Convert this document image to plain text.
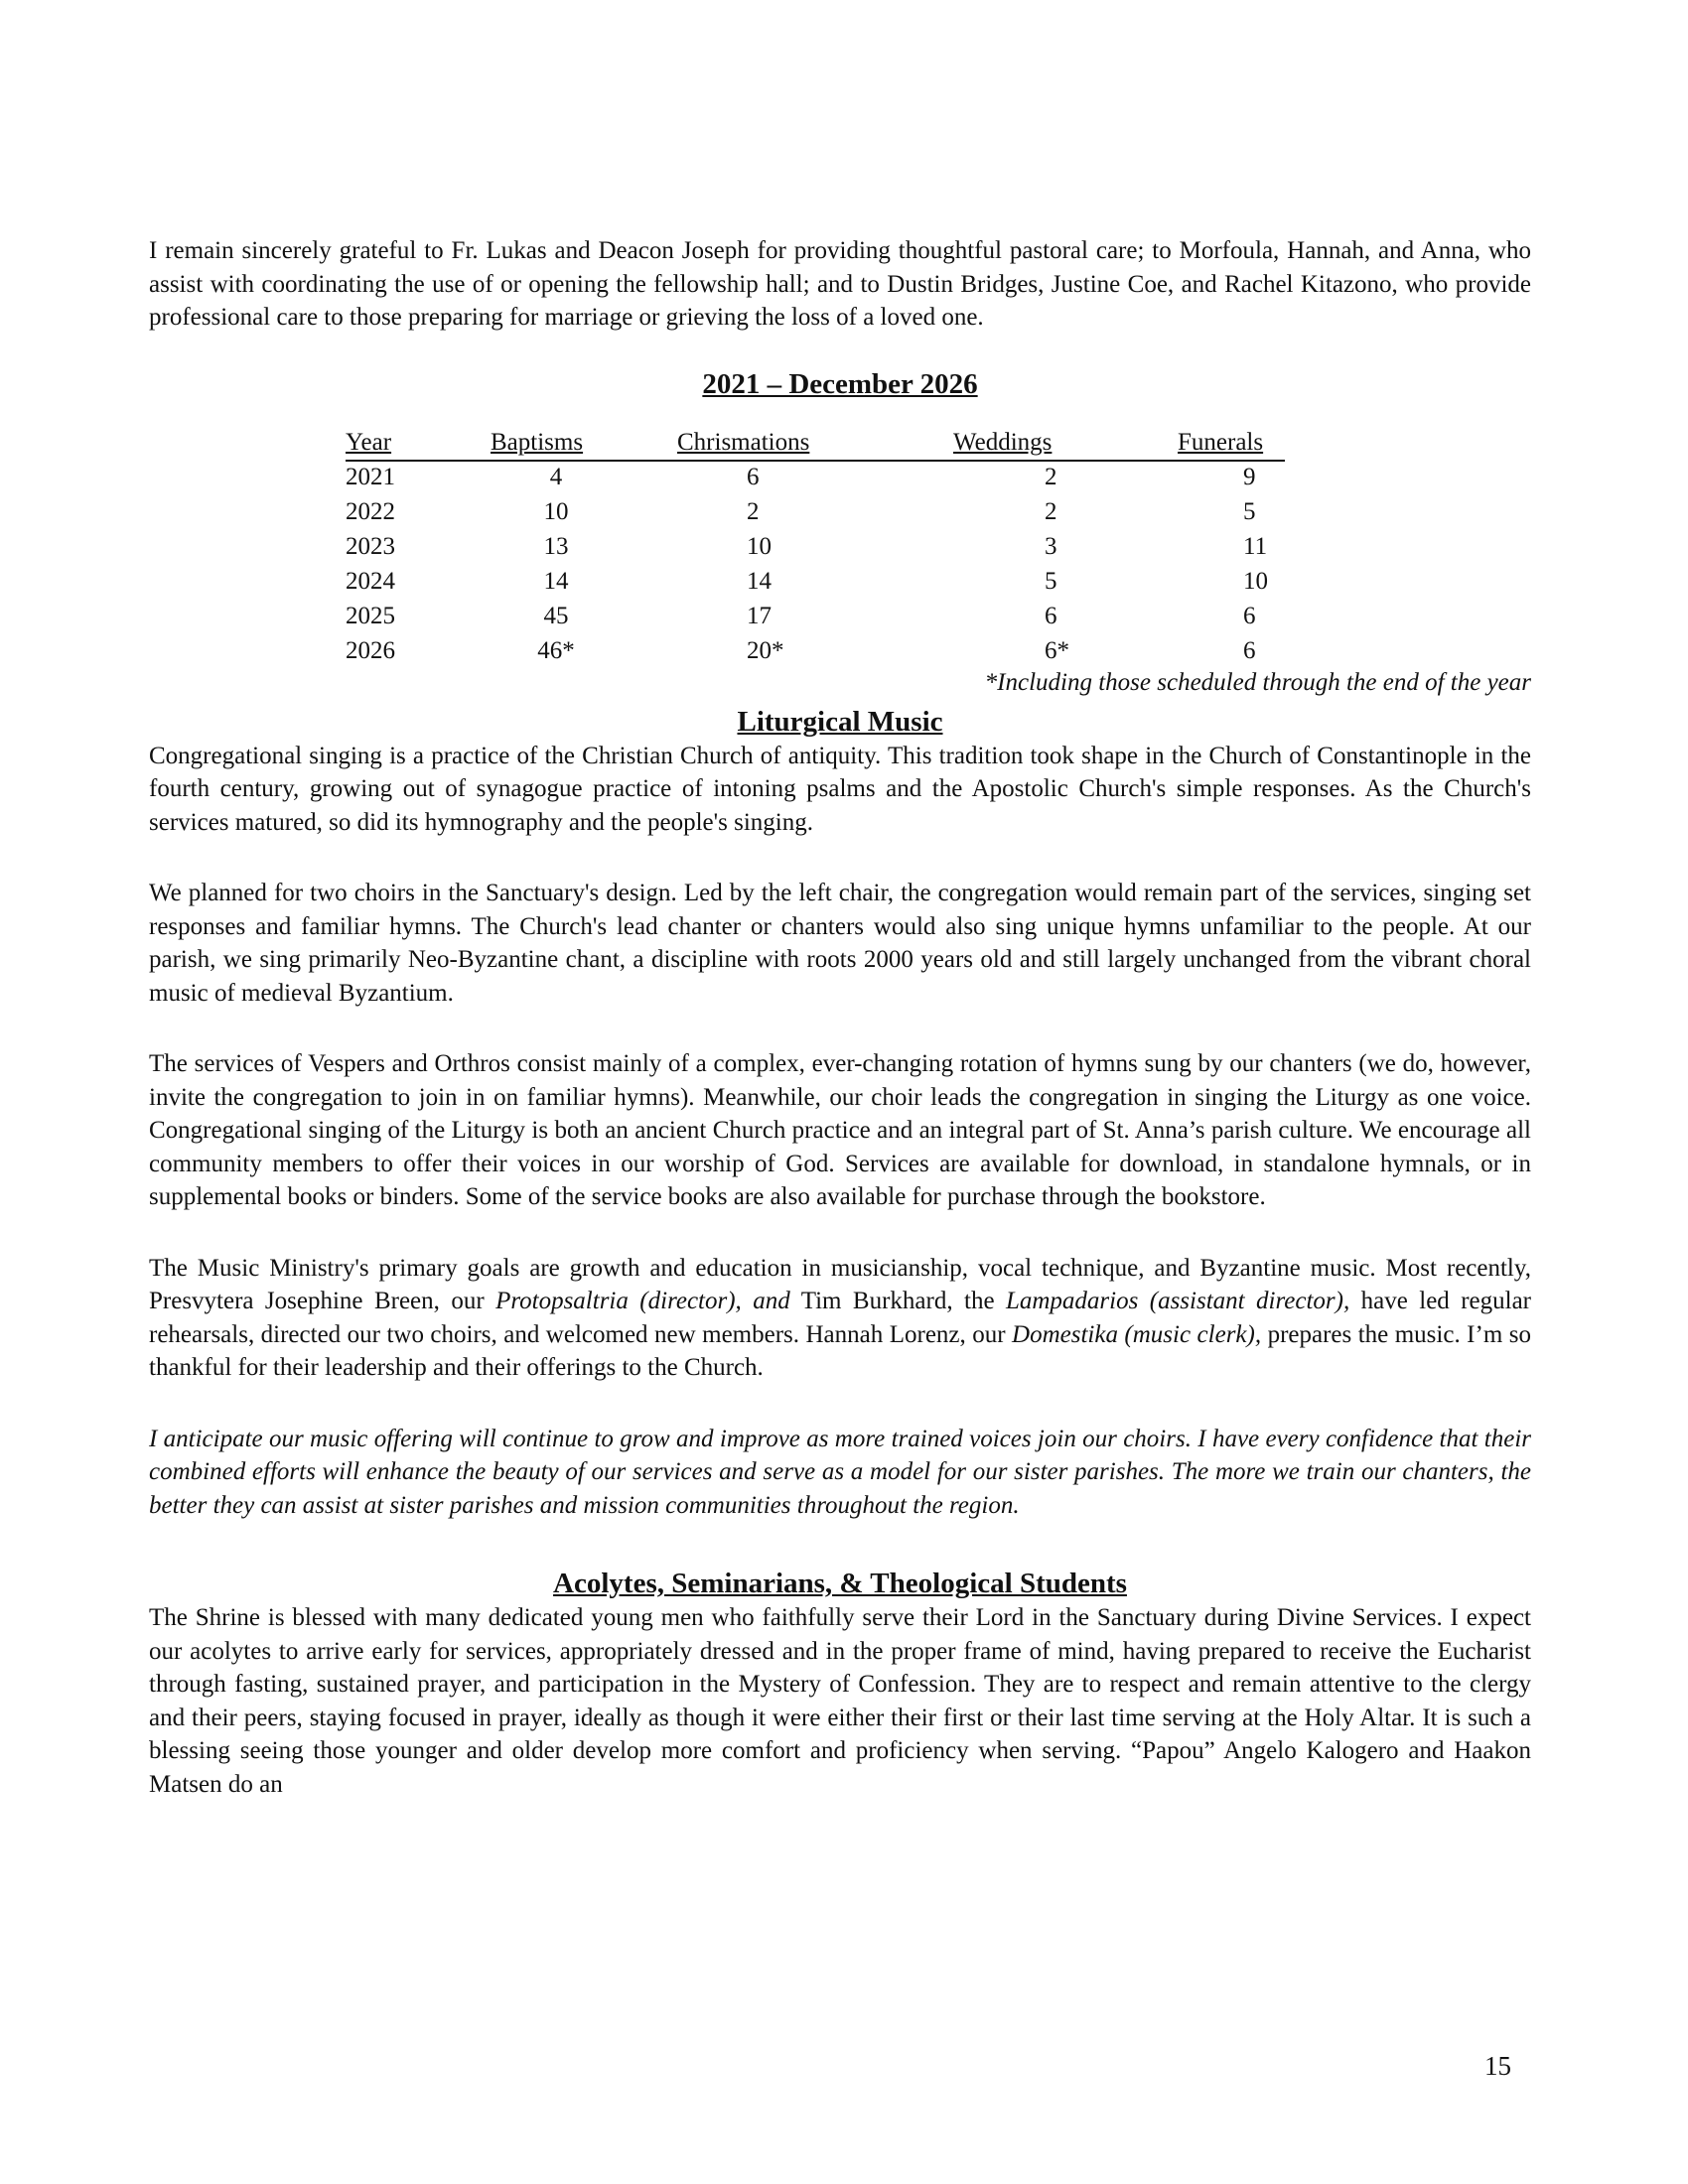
I remain sincerely grateful to Fr. Lukas and Deacon Joseph for providing thoughtful pastoral care; to Morfoula, Hannah, and Anna, who assist with coordinating the use of or opening the fellowship hall; and to Dustin Bridges, Justine Coe, and Rachel Kitazono, who provide professional care to those preparing for marriage or grieving the loss of a loved one.

2021 – December 2026
Year	Baptisms	Chrismations	Weddings	Funerals
2021	4	6	2	9
2022	10	2	2	5
2023	13	10	3	11
2024	14	14	5	10
2025	45	17	6	6
2026	46*	20*	6*	6
*Including those scheduled through the end of the year
Liturgical Music

Congregational singing is a practice of the Christian Church of antiquity. This tradition took shape in the Church of Constantinople in the fourth century, growing out of synagogue practice of intoning psalms and the Apostolic Church's simple responses. As the Church's services matured, so did its hymnography and the people's singing.

We planned for two choirs in the Sanctuary's design. Led by the left chair, the congregation would remain part of the services, singing set responses and familiar hymns. The Church's lead chanter or chanters would also sing unique hymns unfamiliar to the people. At our parish, we sing primarily Neo-Byzantine chant, a discipline with roots 2000 years old and still largely unchanged from the vibrant choral music of medieval Byzantium.

The services of Vespers and Orthros consist mainly of a complex, ever-changing rotation of hymns sung by our chanters (we do, however, invite the congregation to join in on familiar hymns). Meanwhile, our choir leads the congregation in singing the Liturgy as one voice. Congregational singing of the Liturgy is both an ancient Church practice and an integral part of St. Anna’s parish culture. We encourage all community members to offer their voices in our worship of God. Services are available for download, in standalone hymnals, or in supplemental books or binders. Some of the service books are also available for purchase through the bookstore.

The Music Ministry's primary goals are growth and education in musicianship, vocal technique, and Byzantine music. Most recently, Presvytera Josephine Breen, our Protopsaltria (director), and Tim Burkhard, the Lampadarios (assistant director), have led regular rehearsals, directed our two choirs, and welcomed new members. Hannah Lorenz, our Domestika (music clerk), prepares the music. I’m so thankful for their leadership and their offerings to the Church.

I anticipate our music offering will continue to grow and improve as more trained voices join our choirs. I have every confidence that their combined efforts will enhance the beauty of our services and serve as a model for our sister parishes. The more we train our chanters, the better they can assist at sister parishes and mission communities throughout the region.

Acolytes, Seminarians, & Theological Students

The Shrine is blessed with many dedicated young men who faithfully serve their Lord in the Sanctuary during Divine Services. I expect our acolytes to arrive early for services, appropriately dressed and in the proper frame of mind, having prepared to receive the Eucharist through fasting, sustained prayer, and participation in the Mystery of Confession. They are to respect and remain attentive to the clergy and their peers, staying focused in prayer, ideally as though it were either their first or their last time serving at the Holy Altar. It is such a blessing seeing those younger and older develop more comfort and proficiency when serving. “Papou” Angelo Kalogero and Haakon Matsen do an

15
